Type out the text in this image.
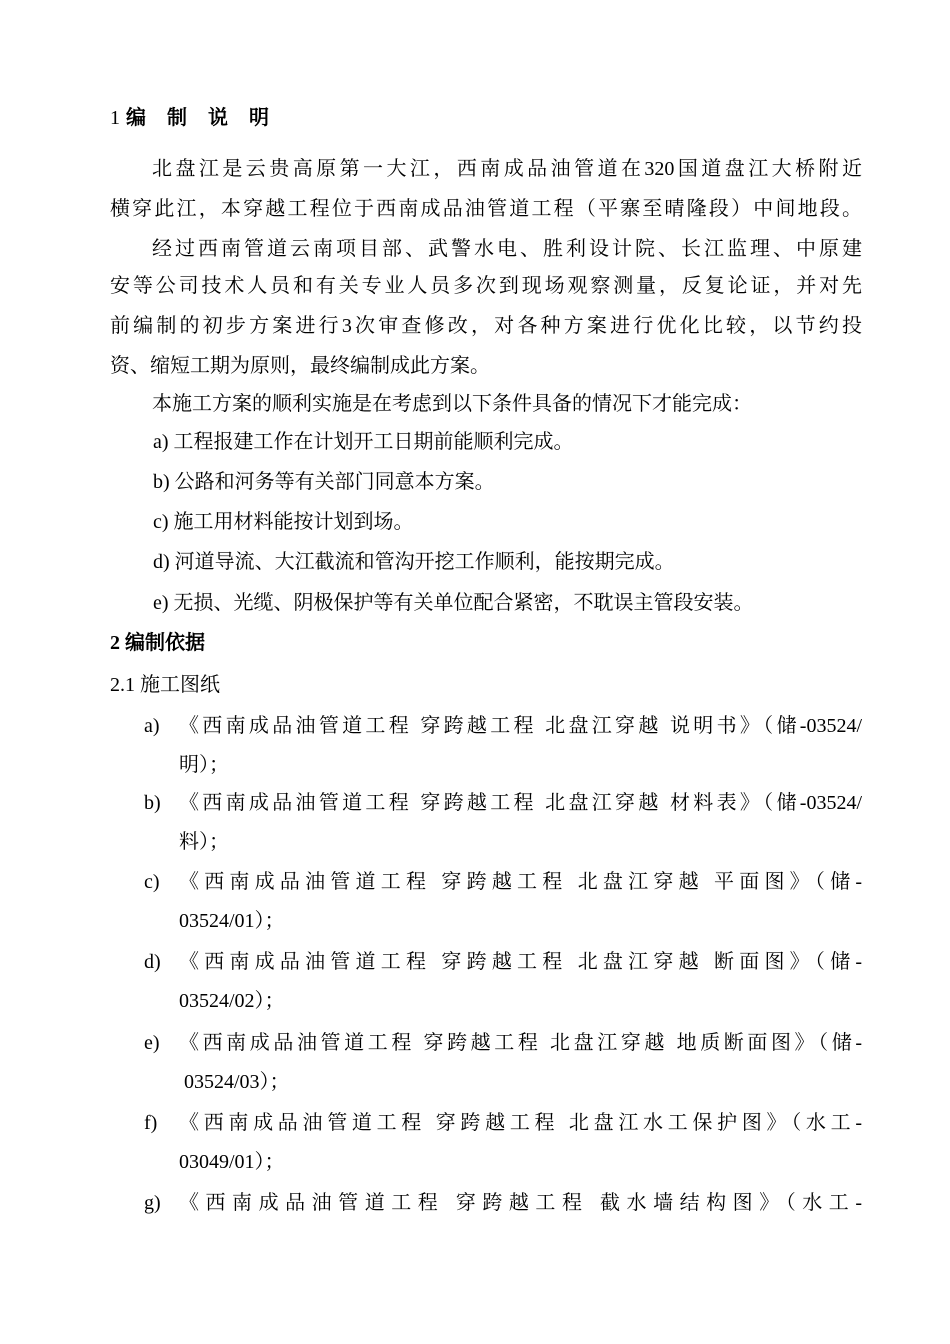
1 编 制 说 明
北盘江是云贵高原第一大江，西南成品油管道在320国道盘江大桥附近
横穿此江，本穿越工程位于西南成品油管道工程（平寨至晴隆段）中间地段。
经过西南管道云南项目部、武警水电、胜利设计院、长江监理、中原建
安等公司技术人员和有关专业人员多次到现场观察测量，反复论证，并对先
前编制的初步方案进行3次审查修改，对各种方案进行优化比较，以节约投
资、缩短工期为原则，最终编制成此方案。
本施工方案的顺利实施是在考虑到以下条件具备的情况下才能完成：
a) 工程报建工作在计划开工日期前能顺利完成。
b) 公路和河务等有关部门同意本方案。
c) 施工用材料能按计划到场。
d) 河道导流、大江截流和管沟开挖工作顺利，能按期完成。
e) 无损、光缆、阴极保护等有关单位配合紧密，不耽误主管段安装。
2 编制依据
2.1 施工图纸
a) 《西南成品油管道工程 穿跨越工程 北盘江穿越 说明书》（储-03524/
明）；
b) 《西南成品油管道工程 穿跨越工程 北盘江穿越 材料表》（储-03524/
料）；
c) 《西南成品油管道工程 穿跨越工程 北盘江穿越 平面图》（储-
03524/01）；
d) 《西南成品油管道工程 穿跨越工程 北盘江穿越 断面图》（储-
03524/02）；
e) 《西南成品油管道工程 穿跨越工程 北盘江穿越 地质断面图》（储-
03524/03）；
f) 《西南成品油管道工程 穿跨越工程 北盘江水工保护图》（水工-
03049/01）；
g) 《西南成品油管道工程 穿跨越工程 截水墙结构图》（水工-
